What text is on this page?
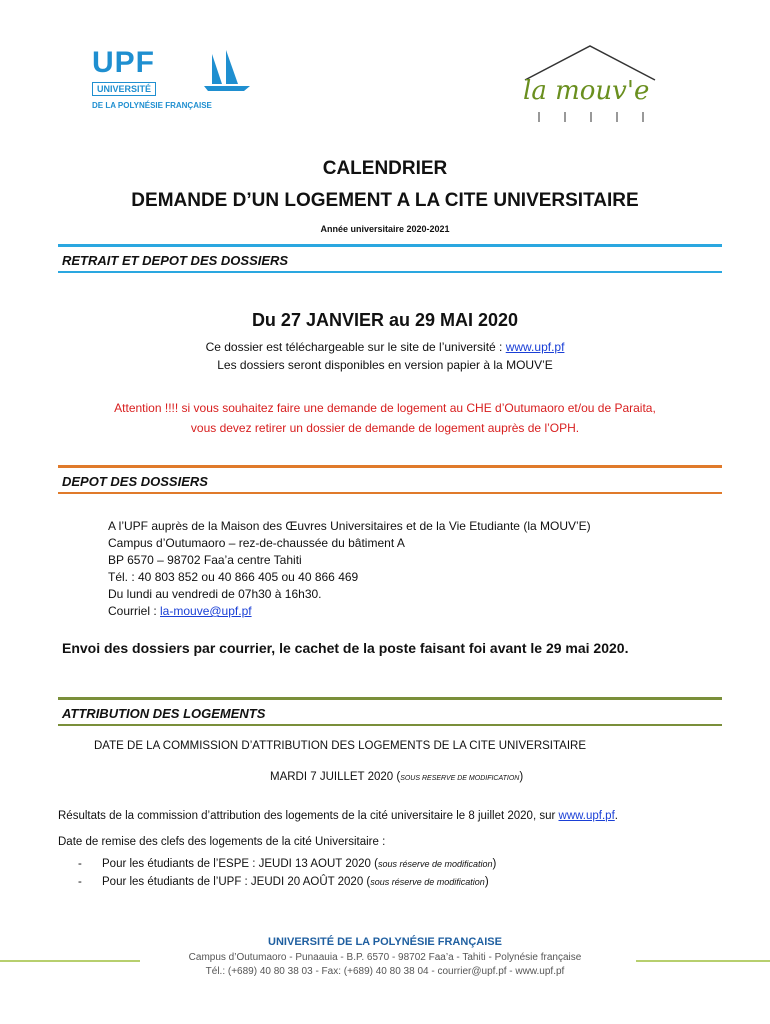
UPF
UNIVERSITÉ
DE LA POLYNÉSIE FRANÇAISE	la mouv'e
CALENDRIER
DEMANDE D’UN LOGEMENT A LA CITE UNIVERSITAIRE
Année universitaire 2020-2021
RETRAIT ET DEPOT DES DOSSIERS
Du 27 JANVIER au 29 MAI 2020
Ce dossier est téléchargeable sur le site de l’université : www.upf.pf
Les dossiers seront disponibles en version papier à la MOUV’E
Attention !!!! si vous souhaitez faire une demande de logement au CHE d’Outumaoro et/ou de Paraita,
vous devez retirer un dossier de demande de logement auprès de l’OPH.
DEPOT DES DOSSIERS
A l’UPF auprès de la Maison des Œuvres Universitaires et de la Vie Etudiante (la MOUV’E)
Campus d’Outumaoro – rez-de-chaussée du bâtiment A
BP 6570 – 98702 Faa’a centre Tahiti
Tél. : 40 803 852 ou 40 866 405 ou 40 866 469
Du lundi au vendredi de 07h30 à 16h30.
Courriel : la-mouve@upf.pf
Envoi des dossiers par courrier, le cachet de la poste faisant foi avant le 29 mai 2020.
ATTRIBUTION DES LOGEMENTS
DATE DE LA COMMISSION D’ATTRIBUTION DES LOGEMENTS DE LA CITE UNIVERSITAIRE
MARDI 7 JUILLET 2020 (SOUS RESERVE DE MODIFICATION)
Résultats de la commission d’attribution des logements de la cité universitaire le 8 juillet 2020, sur www.upf.pf.
Date de remise des clefs des logements de la cité Universitaire :
- Pour les étudiants de l’ESPE : JEUDI 13 AOUT 2020 (sous réserve de modification)
- Pour les étudiants de l’UPF : JEUDI 20 AOÛT 2020 (sous réserve de modification)
UNIVERSITÉ DE LA POLYNÉSIE FRANÇAISE
Campus d’Outumaoro - Punaauia - B.P. 6570 - 98702 Faa’a - Tahiti - Polynésie française
Tél.: (+689) 40 80 38 03 - Fax: (+689) 40 80 38 04 - courrier@upf.pf - www.upf.pf
